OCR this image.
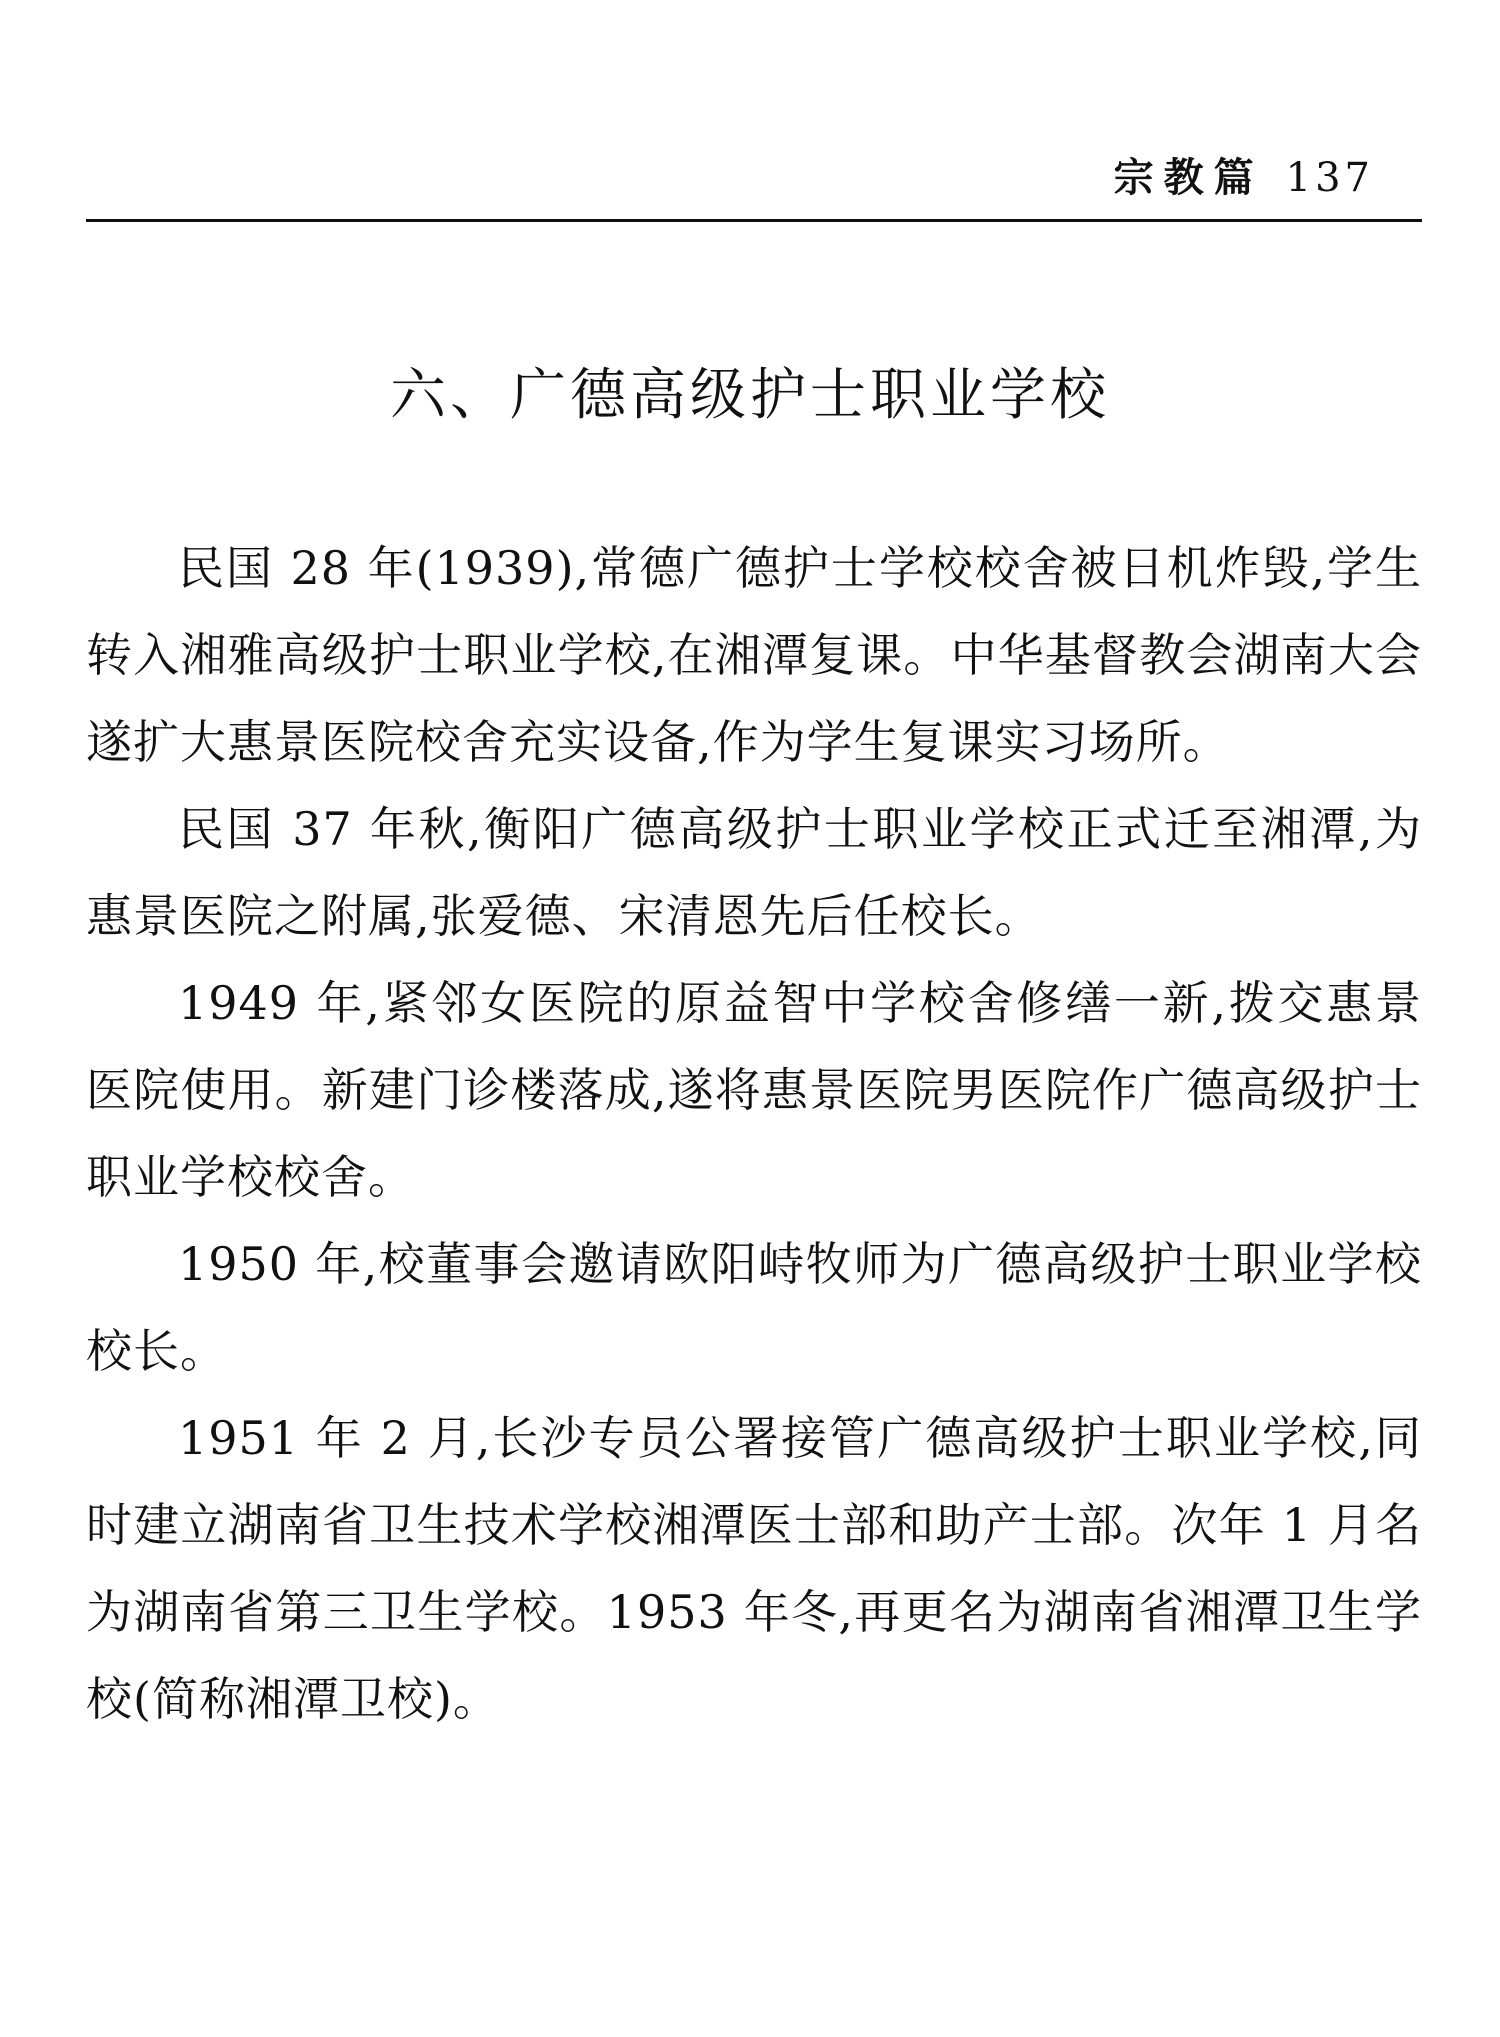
宗教篇 137
六、广德高级护士职业学校

民国 28 年(1939),常德广德护士学校校舍被日机炸毁,学生转入湘雅高级护士职业学校,在湘潭复课。中华基督教会湖南大会遂扩大惠景医院校舍充实设备,作为学生复课实习场所。

民国 37 年秋,衡阳广德高级护士职业学校正式迁至湘潭,为惠景医院之附属,张爱德、宋清恩先后任校长。

1949 年,紧邻女医院的原益智中学校舍修缮一新,拨交惠景医院使用。新建门诊楼落成,遂将惠景医院男医院作广德高级护士职业学校校舍。

1950 年,校董事会邀请欧阳峙牧师为广德高级护士职业学校校长。

1951 年 2 月,长沙专员公署接管广德高级护士职业学校,同时建立湖南省卫生技术学校湘潭医士部和助产士部。次年 1 月名为湖南省第三卫生学校。1953 年冬,再更名为湖南省湘潭卫生学校(简称湘潭卫校)。
